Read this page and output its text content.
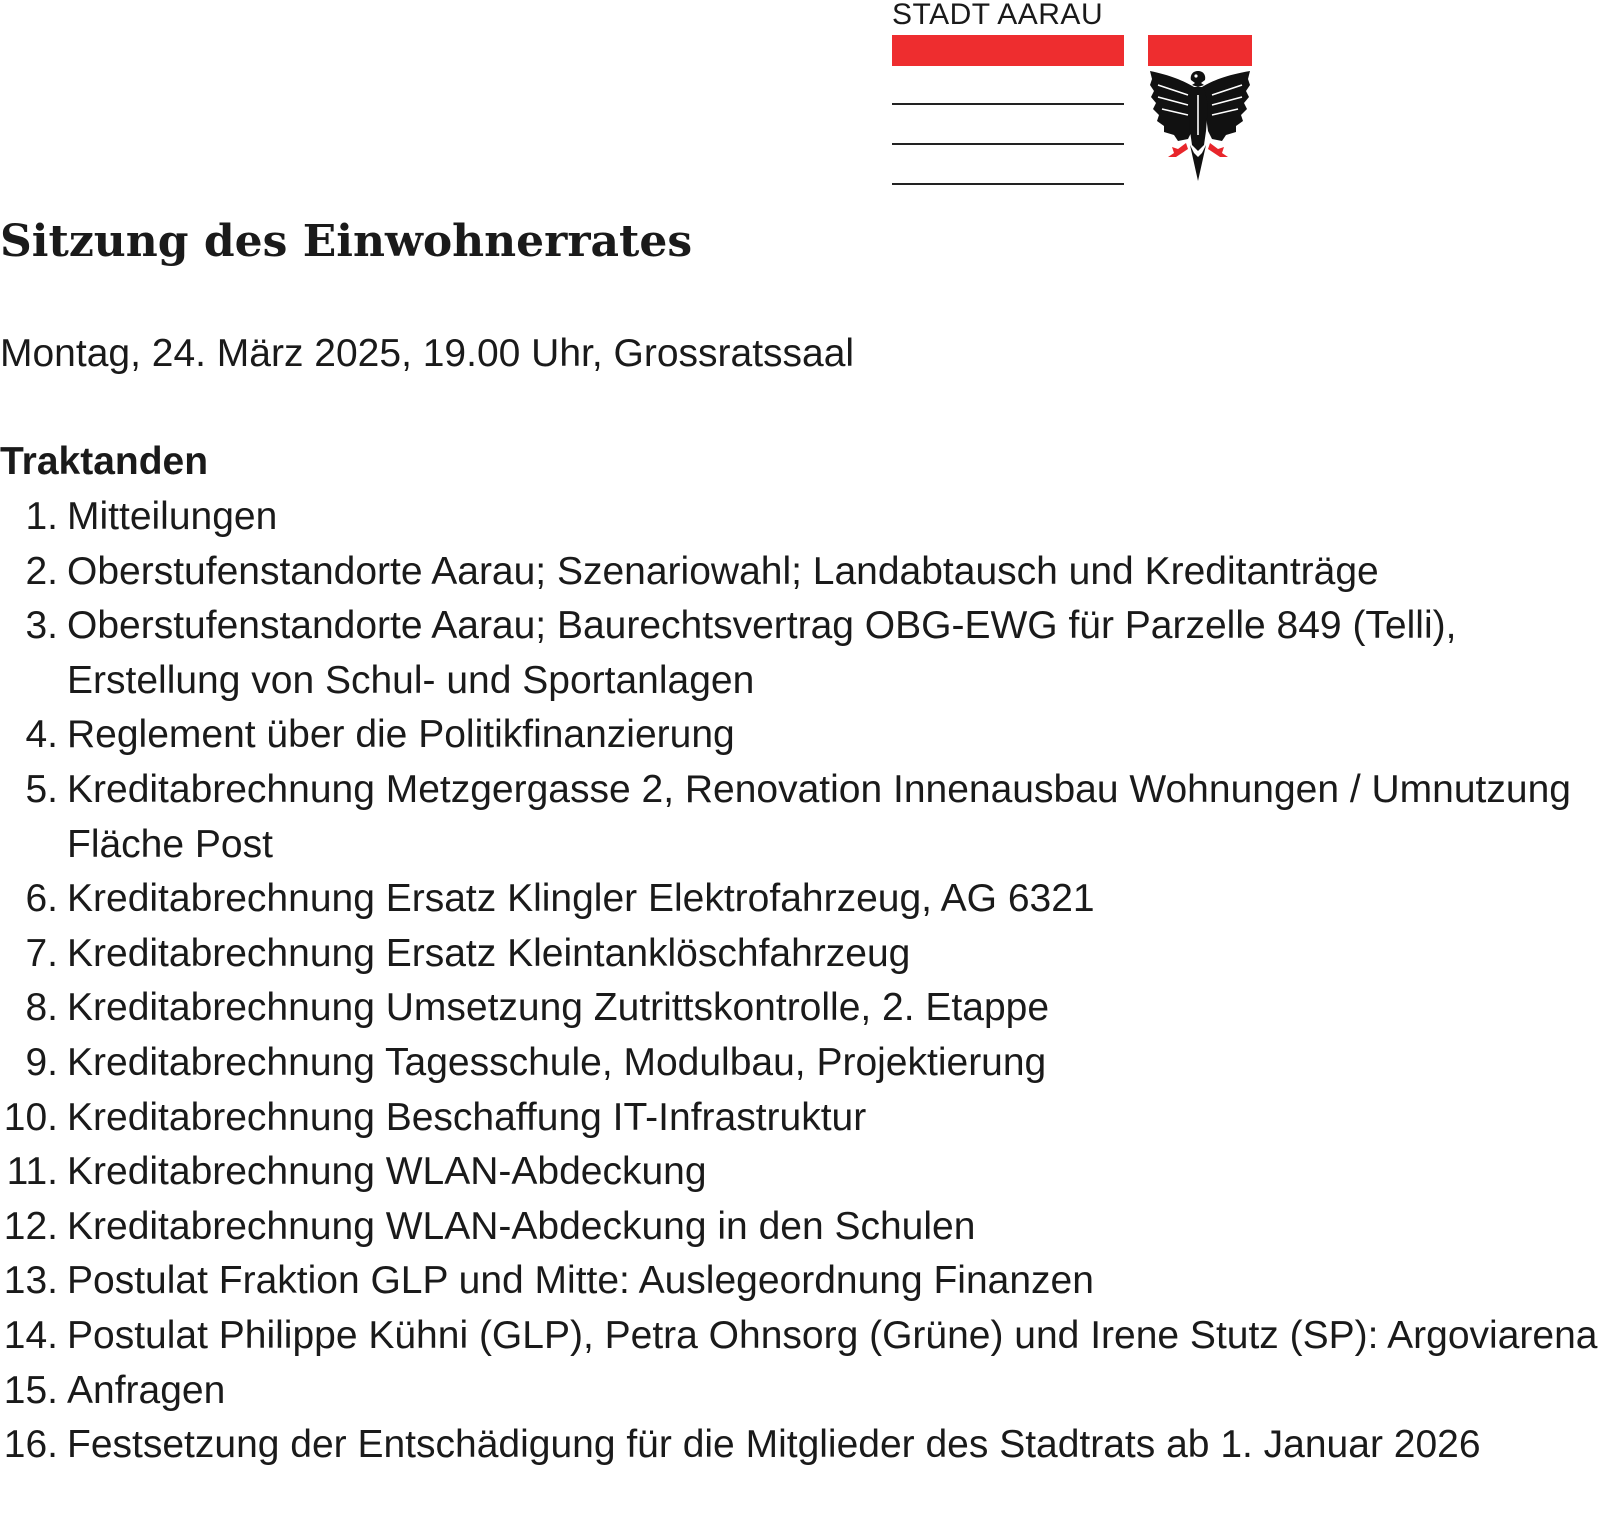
STADT AARAU
Sitzung des Einwohnerrates

Montag, 24. März 2025, 19.00 Uhr, Grossratssaal

Traktanden
1. Mitteilungen
2. Oberstufenstandorte Aarau; Szenariowahl; Landabtausch und Kreditanträge
3. Oberstufenstandorte Aarau; Baurechtsvertrag OBG-EWG für Parzelle 849 (Telli), Erstellung von Schul- und Sportanlagen
4. Reglement über die Politikfinanzierung
5. Kreditabrechnung Metzgergasse 2, Renovation Innenausbau Wohnungen / Umnutzung Fläche Post
6. Kreditabrechnung Ersatz Klingler Elektrofahrzeug, AG 6321
7. Kreditabrechnung Ersatz Kleintanklöschfahrzeug
8. Kreditabrechnung Umsetzung Zutrittskontrolle, 2. Etappe
9. Kreditabrechnung Tagesschule, Modulbau, Projektierung
10. Kreditabrechnung Beschaffung IT-Infrastruktur
11. Kreditabrechnung WLAN-Abdeckung
12. Kreditabrechnung WLAN-Abdeckung in den Schulen
13. Postulat Fraktion GLP und Mitte: Auslegeordnung Finanzen
14. Postulat Philippe Kühni (GLP), Petra Ohnsorg (Grüne) und Irene Stutz (SP): Argoviarena
15. Anfragen
16. Festsetzung der Entschädigung für die Mitglieder des Stadtrats ab 1. Januar 2026
